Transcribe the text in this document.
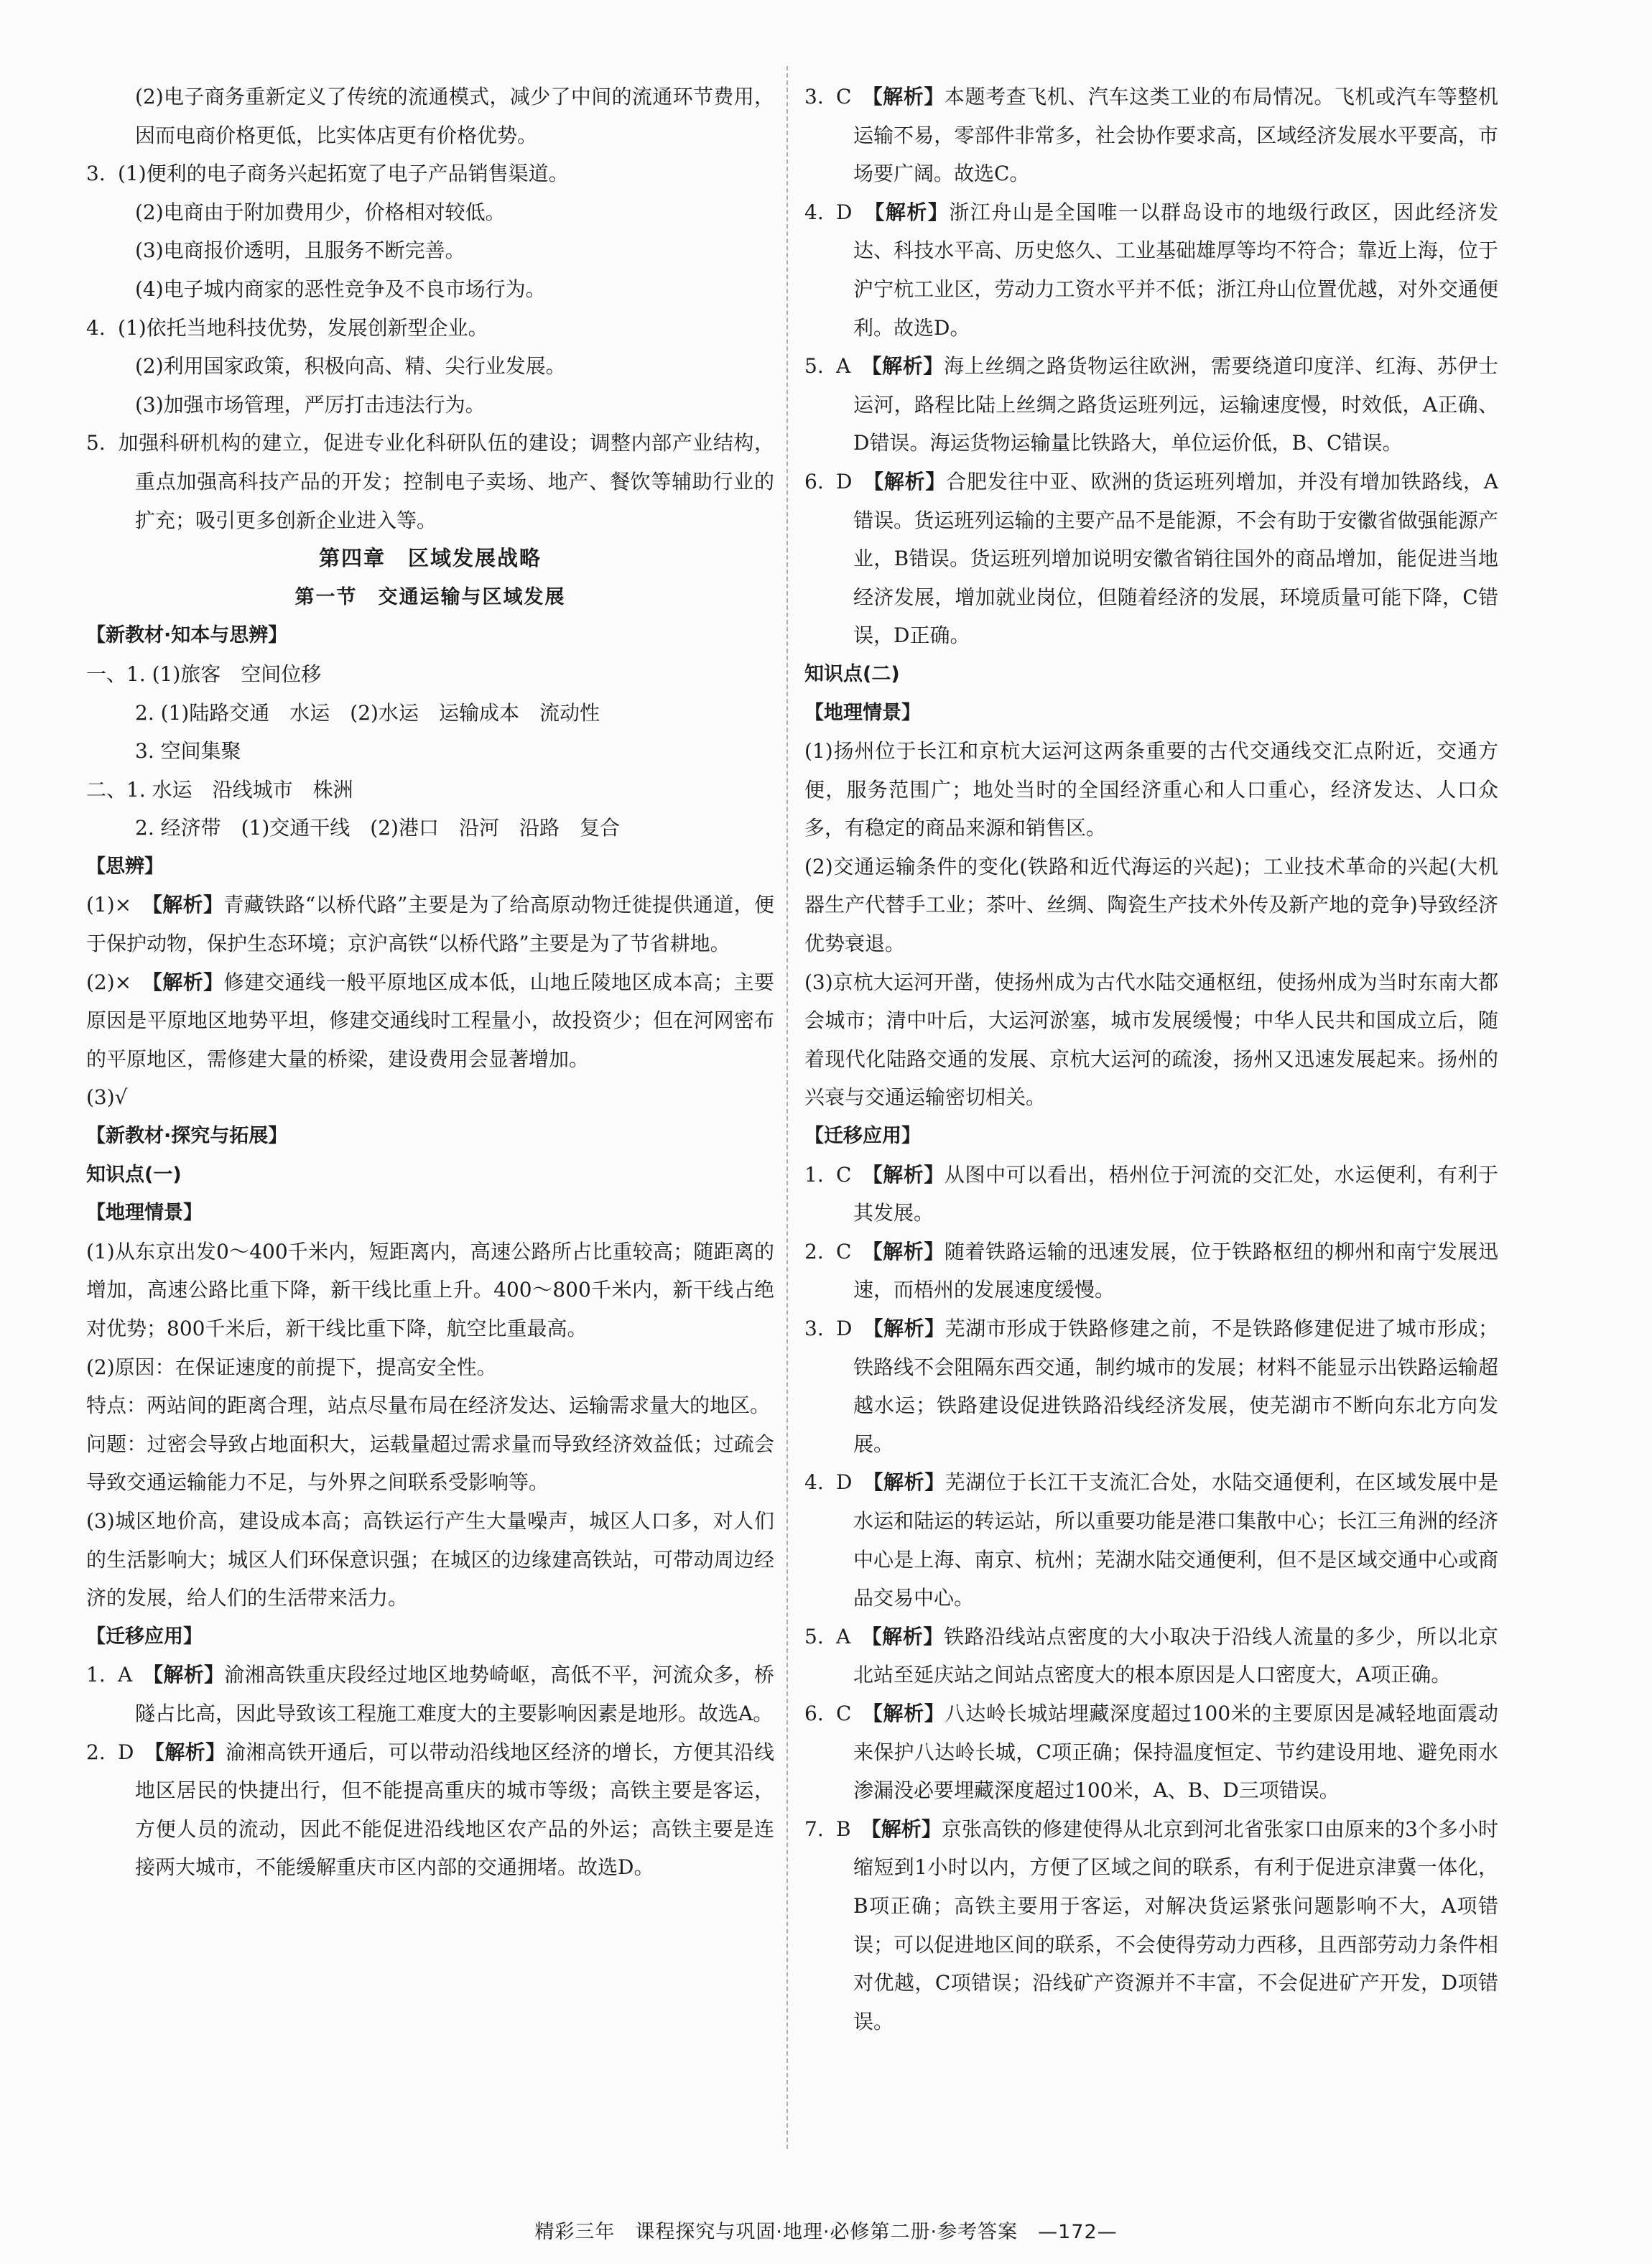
(2)电子商务重新定义了传统的流通模式，减少了中间的流通环节费用，因而电商价格更低，比实体店更有价格优势。

3. (1)便利的电子商务兴起拓宽了电子产品销售渠道。

(2)电商由于附加费用少，价格相对较低。

(3)电商报价透明，且服务不断完善。

(4)电子城内商家的恶性竞争及不良市场行为。

4. (1)依托当地科技优势，发展创新型企业。

(2)利用国家政策，积极向高、精、尖行业发展。

(3)加强市场管理，严厉打击违法行为。

5. 加强科研机构的建立，促进专业化科研队伍的建设；调整内部产业结构，重点加强高科技产品的开发；控制电子卖场、地产、餐饮等辅助行业的扩充；吸引更多创新企业进入等。

第四章　区域发展战略

第一节　交通运输与区域发展

【新教材·知本与思辨】

一、1. (1)旅客　空间位移

2. (1)陆路交通　水运　(2)水运　运输成本　流动性

3. 空间集聚

二、1. 水运　沿线城市　株洲

2. 经济带　(1)交通干线　(2)港口　沿河　沿路　复合

【思辨】

(1)×　【解析】青藏铁路“以桥代路”主要是为了给高原动物迁徙提供通道，便于保护动物，保护生态环境；京沪高铁“以桥代路”主要是为了节省耕地。

(2)×　【解析】修建交通线一般平原地区成本低，山地丘陵地区成本高；主要原因是平原地区地势平坦，修建交通线时工程量小，故投资少；但在河网密布的平原地区，需修建大量的桥梁，建设费用会显著增加。

(3)√

【新教材·探究与拓展】

知识点(一)

【地理情景】

(1)从东京出发0～400千米内，短距离内，高速公路所占比重较高；随距离的增加，高速公路比重下降，新干线比重上升。400～800千米内，新干线占绝对优势；800千米后，新干线比重下降，航空比重最高。

(2)原因：在保证速度的前提下，提高安全性。

特点：两站间的距离合理，站点尽量布局在经济发达、运输需求量大的地区。

问题：过密会导致占地面积大，运载量超过需求量而导致经济效益低；过疏会导致交通运输能力不足，与外界之间联系受影响等。

(3)城区地价高，建设成本高；高铁运行产生大量噪声，城区人口多，对人们的生活影响大；城区人们环保意识强；在城区的边缘建高铁站，可带动周边经济的发展，给人们的生活带来活力。

【迁移应用】

1. A　【解析】渝湘高铁重庆段经过地区地势崎岖，高低不平，河流众多，桥隧占比高，因此导致该工程施工难度大的主要影响因素是地形。故选A。

2. D　【解析】渝湘高铁开通后，可以带动沿线地区经济的增长，方便其沿线地区居民的快捷出行，但不能提高重庆的城市等级；高铁主要是客运，方便人员的流动，因此不能促进沿线地区农产品的外运；高铁主要是连接两大城市，不能缓解重庆市区内部的交通拥堵。故选D。

3. C　【解析】本题考查飞机、汽车这类工业的布局情况。飞机或汽车等整机运输不易，零部件非常多，社会协作要求高，区域经济发展水平要高，市场要广阔。故选C。

4. D　【解析】浙江舟山是全国唯一以群岛设市的地级行政区，因此经济发达、科技水平高、历史悠久、工业基础雄厚等均不符合；靠近上海，位于沪宁杭工业区，劳动力工资水平并不低；浙江舟山位置优越，对外交通便利。故选D。

5. A　【解析】海上丝绸之路货物运往欧洲，需要绕道印度洋、红海、苏伊士运河，路程比陆上丝绸之路货运班列远，运输速度慢，时效低，A正确、D错误。海运货物运输量比铁路大，单位运价低，B、C错误。

6. D　【解析】合肥发往中亚、欧洲的货运班列增加，并没有增加铁路线，A错误。货运班列运输的主要产品不是能源，不会有助于安徽省做强能源产业，B错误。货运班列增加说明安徽省销往国外的商品增加，能促进当地经济发展，增加就业岗位，但随着经济的发展，环境质量可能下降，C错误，D正确。

知识点(二)

【地理情景】

(1)扬州位于长江和京杭大运河这两条重要的古代交通线交汇点附近，交通方便，服务范围广；地处当时的全国经济重心和人口重心，经济发达、人口众多，有稳定的商品来源和销售区。

(2)交通运输条件的变化(铁路和近代海运的兴起)；工业技术革命的兴起(大机器生产代替手工业；茶叶、丝绸、陶瓷生产技术外传及新产地的竞争)导致经济优势衰退。

(3)京杭大运河开凿，使扬州成为古代水陆交通枢纽，使扬州成为当时东南大都会城市；清中叶后，大运河淤塞，城市发展缓慢；中华人民共和国成立后，随着现代化陆路交通的发展、京杭大运河的疏浚，扬州又迅速发展起来。扬州的兴衰与交通运输密切相关。

【迁移应用】

1. C　【解析】从图中可以看出，梧州位于河流的交汇处，水运便利，有利于其发展。

2. C　【解析】随着铁路运输的迅速发展，位于铁路枢纽的柳州和南宁发展迅速，而梧州的发展速度缓慢。

3. D　【解析】芜湖市形成于铁路修建之前，不是铁路修建促进了城市形成；铁路线不会阻隔东西交通，制约城市的发展；材料不能显示出铁路运输超越水运；铁路建设促进铁路沿线经济发展，使芜湖市不断向东北方向发展。

4. D　【解析】芜湖位于长江干支流汇合处，水陆交通便利，在区域发展中是水运和陆运的转运站，所以重要功能是港口集散中心；长江三角洲的经济中心是上海、南京、杭州；芜湖水陆交通便利，但不是区域交通中心或商品交易中心。

5. A　【解析】铁路沿线站点密度的大小取决于沿线人流量的多少，所以北京北站至延庆站之间站点密度大的根本原因是人口密度大，A项正确。

6. C　【解析】八达岭长城站埋藏深度超过100米的主要原因是减轻地面震动来保护八达岭长城，C项正确；保持温度恒定、节约建设用地、避免雨水渗漏没必要埋藏深度超过100米，A、B、D三项错误。

7. B　【解析】京张高铁的修建使得从北京到河北省张家口由原来的3个多小时缩短到1小时以内，方便了区域之间的联系，有利于促进京津冀一体化，B项正确；高铁主要用于客运，对解决货运紧张问题影响不大，A项错误；可以促进地区间的联系，不会使得劳动力西移，且西部劳动力条件相对优越，C项错误；沿线矿产资源并不丰富，不会促进矿产开发，D项错误。

精彩三年　课程探究与巩固·地理·必修第二册·参考答案　—172—
